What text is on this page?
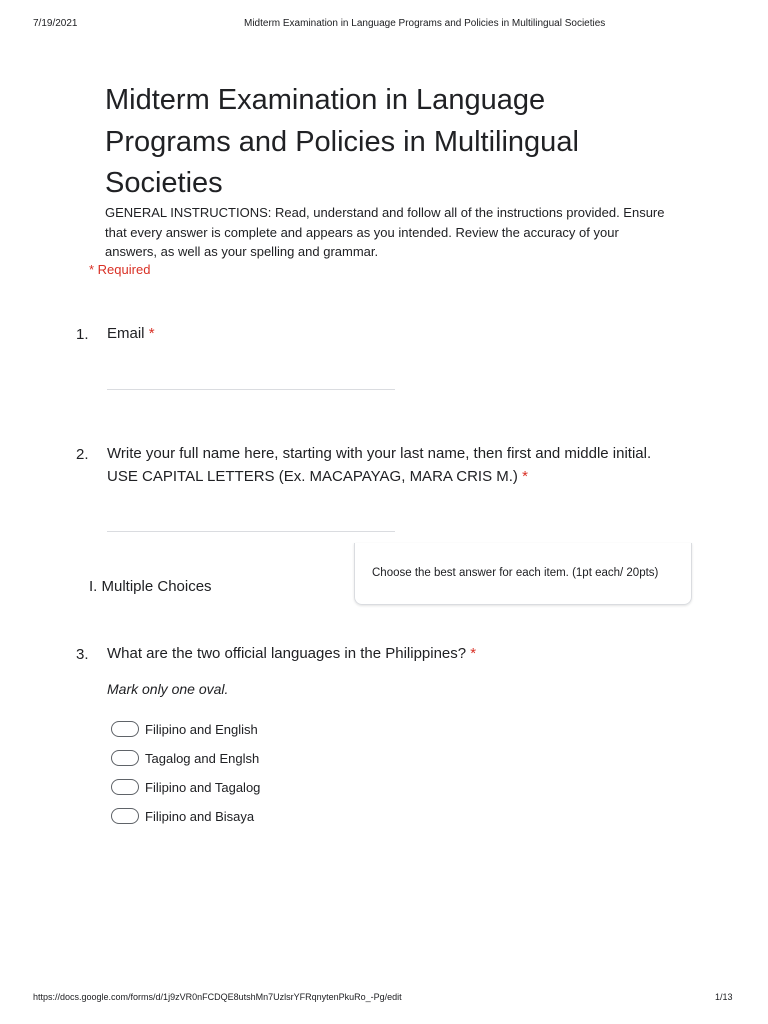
7/19/2021	Midterm Examination in Language Programs and Policies in Multilingual Societies
Midterm Examination in Language
Programs and Policies in Multilingual
Societies
GENERAL INSTRUCTIONS: Read, understand and follow all of the instructions provided. Ensure that every answer is complete and appears as you intended. Review the accuracy of your answers, as well as your spelling and grammar.
* Required
1. Email *
2. Write your full name here, starting with your last name, then first and middle initial.
USE CAPITAL LETTERS (Ex. MACAPAYAG, MARA CRIS M.) *
I. Multiple Choices
Choose the best answer for each item. (1pt each/ 20pts)
3. What are the two official languages in the Philippines? *
Mark only one oval.
Filipino and English
Tagalog and Englsh
Filipino and Tagalog
Filipino and Bisaya
https://docs.google.com/forms/d/1j9zVR0nFCDQE8utshMn7UzlsrYFRqnytenPkuRo_-Pg/edit	1/13
